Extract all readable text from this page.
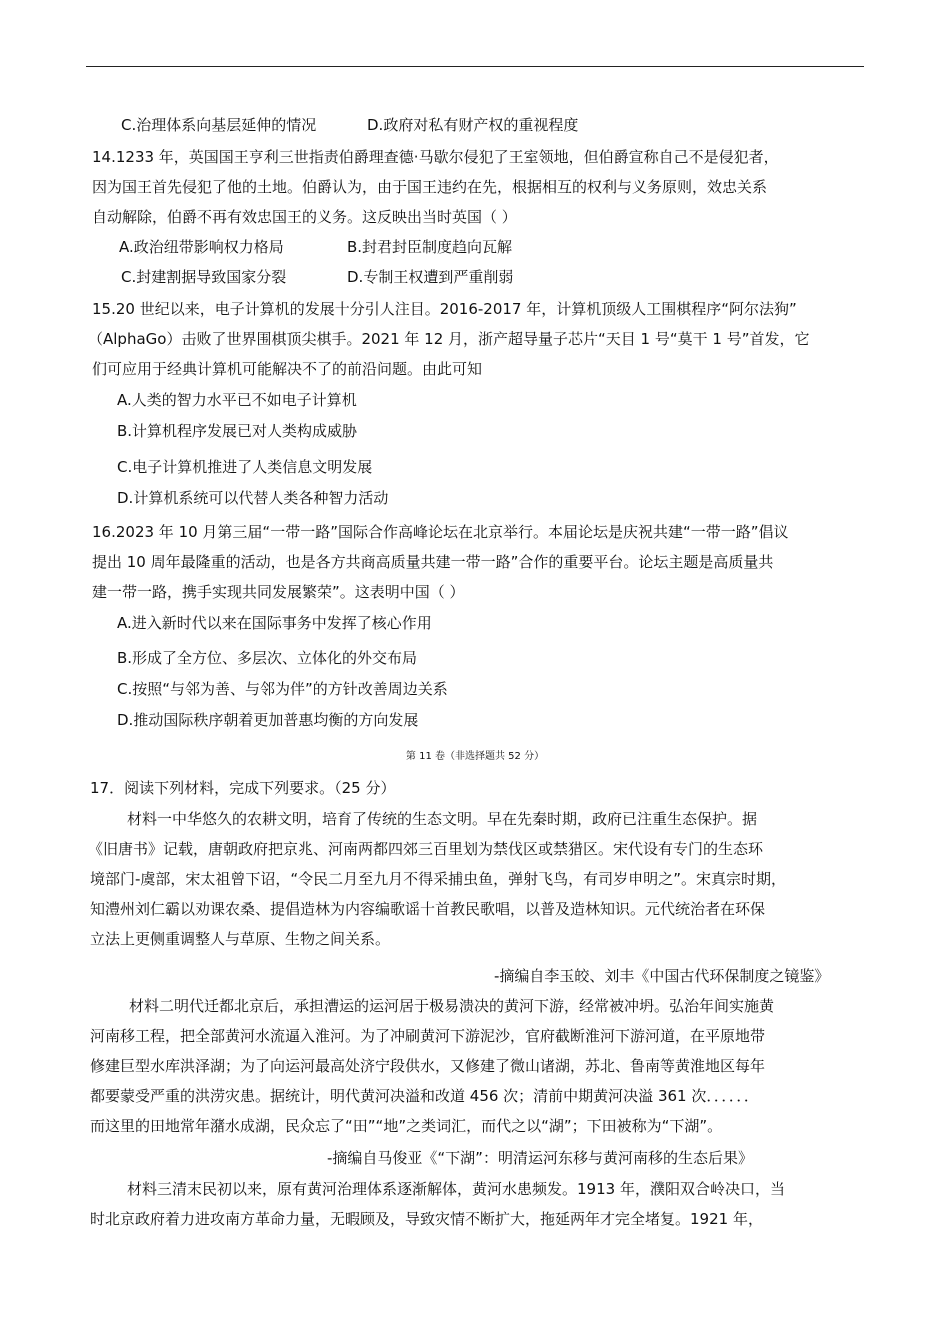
C.治理体系向基层延伸的情况	D.政府对私有财产权的重视程度
14.1233 年，英国国王亨利三世指责伯爵理查德·马歇尔侵犯了王室领地，但伯爵宣称自己不是侵犯者，
因为国王首先侵犯了他的土地。伯爵认为，由于国王违约在先，根据相互的权利与义务原则，效忠关系
自动解除，伯爵不再有效忠国王的义务。这反映出当时英国（ ）
A.政治纽带影响权力格局	B.封君封臣制度趋向瓦解
C.封建割据导致国家分裂	D.专制王权遭到严重削弱
15.20 世纪以来，电子计算机的发展十分引人注目。2016-2017 年，计算机顶级人工围棋程序“阿尔法狗”
（AlphaGo）击败了世界围棋顶尖棋手。2021 年 12 月，浙产超导量子芯片“天目 1 号“莫干 1 号”首发，它
们可应用于经典计算机可能解决不了的前沿问题。由此可知
A.人类的智力水平已不如电子计算机
B.计算机程序发展已对人类构成威胁
C.电子计算机推进了人类信息文明发展
D.计算机系统可以代替人类各种智力活动
16.2023 年 10 月第三届“一带一路”国际合作高峰论坛在北京举行。本届论坛是庆祝共建“一带一路”倡议
提出 10 周年最隆重的活动，也是各方共商高质量共建一带一路”合作的重要平台。论坛主题是高质量共
建一带一路，携手实现共同发展繁荣”。这表明中国（ ）
A.进入新时代以来在国际事务中发挥了核心作用
B.形成了全方位、多层次、立体化的外交布局
C.按照“与邻为善、与邻为伴”的方针改善周边关系
D.推动国际秩序朝着更加普惠均衡的方向发展
第 11 卷（非选择题共 52 分）
17．阅读下列材料，完成下列要求。（25 分）
材料一中华悠久的农耕文明，培育了传统的生态文明。早在先秦时期，政府已注重生态保护。据
《旧唐书》记载，唐朝政府把京兆、河南两都四郊三百里划为禁伐区或禁猎区。宋代设有专门的生态环
境部门-虞部，宋太祖曾下诏，“令民二月至九月不得采捕虫鱼，弹射飞鸟，有司岁申明之”。宋真宗时期，
知澧州刘仁霸以劝课农桑、提倡造林为内容编歌谣十首教民歌唱，以普及造林知识。元代统治者在环保
立法上更侧重调整人与草原、生物之间关系。
-摘编自李玉皎、刘丰《中国古代环保制度之镜鉴》
材料二明代迁都北京后，承担漕运的运河居于极易溃决的黄河下游，经常被冲坍。弘治年间实施黄
河南移工程，把全部黄河水流逼入淮河。为了冲刷黄河下游泥沙，官府截断淮河下游河道，在平原地带
修建巨型水库洪泽湖；为了向运河最高处济宁段供水，又修建了微山诸湖，苏北、鲁南等黄淮地区每年
都要蒙受严重的洪涝灾患。据统计，明代黄河决溢和改道 456 次；清前中期黄河决溢 361 次．．．．．．
而这里的田地常年潴水成湖，民众忘了“田”“地”之类词汇，而代之以“湖”；下田被称为“下湖”。
-摘编自马俊亚《“下湖”：明清运河东移与黄河南移的生态后果》
材料三清末民初以来，原有黄河治理体系逐渐解体，黄河水患频发。1913 年，濮阳双合岭决口，当
时北京政府着力进攻南方革命力量，无暇顾及，导致灾情不断扩大，拖延两年才完全堵复。1921 年，
